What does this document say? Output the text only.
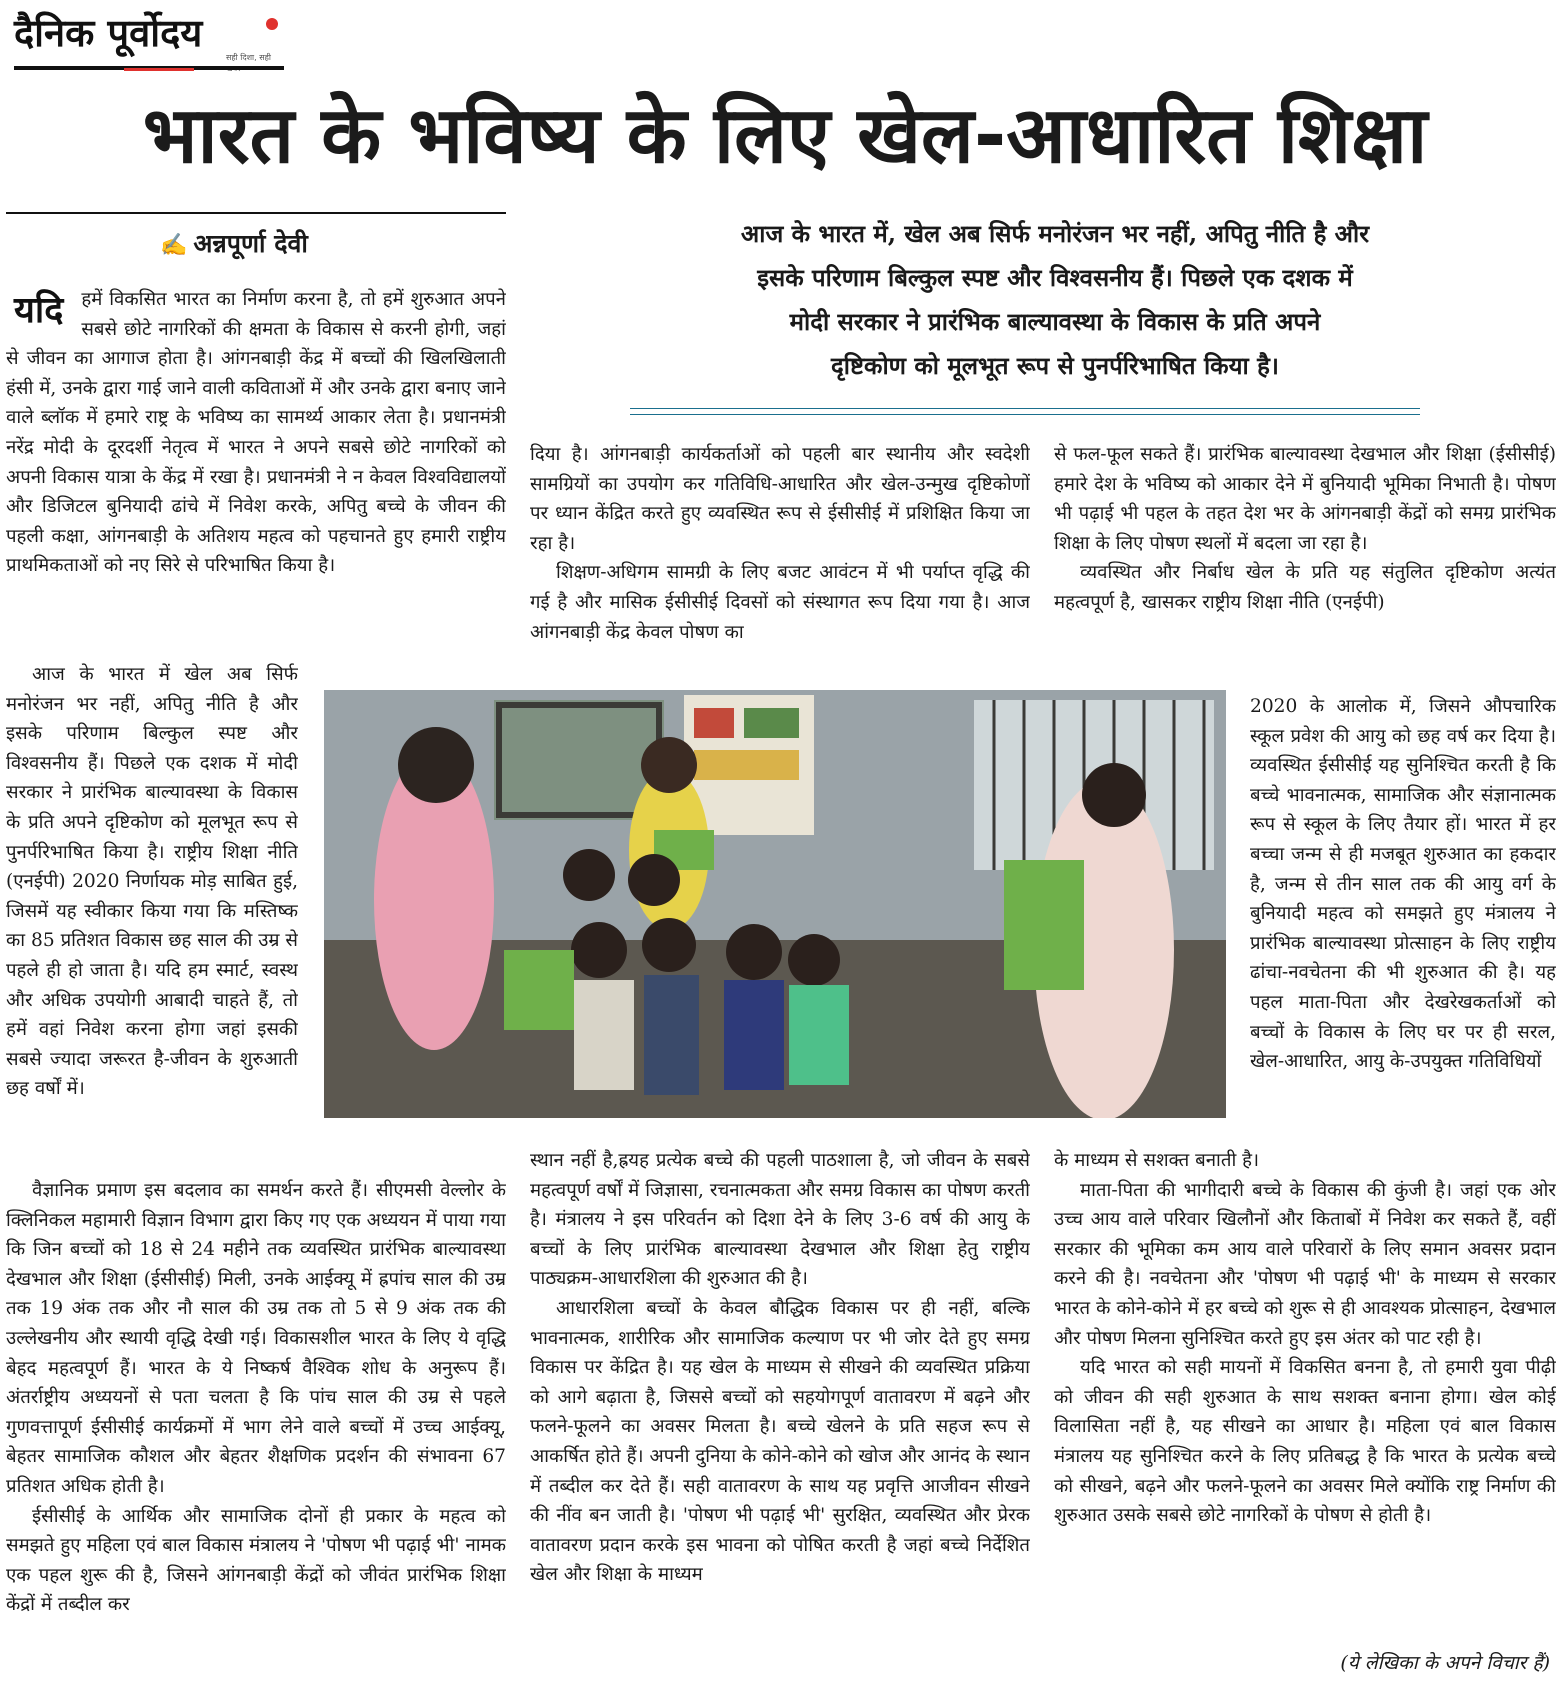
दैनिक पूर्वोदय
सही दिशा, सही
भारत के भविष्य के लिए खेल-आधारित शिक्षा
✍ अन्नपूर्णा देवी	आज के भारत में, खेल अब सिर्फ मनोरंजन भर नहीं, अपितु नीति है और
इसके परिणाम बिल्कुल स्पष्ट और विश्वसनीय हैं। पिछले एक दशक में
मोदी सरकार ने प्रारंभिक बाल्यावस्था के विकास के प्रति अपने
दृष्टिकोण को मूलभूत रूप से पुनर्परिभाषित किया है।
यदि हमें विकसित भारत का निर्माण करना है, तो हमें शुरुआत अपने सबसे छोटे नागरिकों की क्षमता के विकास से करनी होगी, जहां से जीवन का आगाज होता है। आंगनबाड़ी केंद्र में बच्चों की खिलखिलाती हंसी में, उनके द्वारा गाई जाने वाली कविताओं में और उनके द्वारा बनाए जाने वाले ब्लॉक में हमारे राष्ट्र के भविष्य का सामर्थ्य आकार लेता है। प्रधानमंत्री नरेंद्र मोदी के दूरदर्शी नेतृत्व में भारत ने अपने सबसे छोटे नागरिकों को अपनी विकास यात्रा के केंद्र में रखा है। प्रधानमंत्री ने न केवल विश्वविद्यालयों और डिजिटल बुनियादी ढांचे में निवेश करके, अपितु बच्चे के जीवन की पहली कक्षा, आंगनबाड़ी के अतिशय महत्व को पहचानते हुए हमारी राष्ट्रीय प्राथमिकताओं को नए सिरे से परिभाषित किया है।

आज के भारत में खेल अब सिर्फ मनोरंजन भर नहीं, अपितु नीति है और इसके परिणाम बिल्कुल स्पष्ट और विश्वसनीय हैं। पिछले एक दशक में मोदी सरकार ने प्रारंभिक बाल्यावस्था के विकास के प्रति अपने दृष्टिकोण को मूलभूत रूप से पुनर्परिभाषित किया है। राष्ट्रीय शिक्षा नीति (एनईपी) 2020 निर्णायक मोड़ साबित हुई, जिसमें यह स्वीकार किया गया कि मस्तिष्क का 85 प्रतिशत विकास छह साल की उम्र से पहले ही हो जाता है। यदि हम स्मार्ट, स्वस्थ और अधिक उपयोगी आबादी चाहते हैं, तो हमें वहां निवेश करना होगा जहां इसकी सबसे ज्यादा जरूरत है-जीवन के शुरुआती छह वर्षों में।

वैज्ञानिक प्रमाण इस बदलाव का समर्थन करते हैं। सीएमसी वेल्लोर के क्लिनिकल महामारी विज्ञान विभाग द्वारा किए गए एक अध्ययन में पाया गया कि जिन बच्चों को 18 से 24 महीने तक व्यवस्थित प्रारंभिक बाल्यावस्था देखभाल और शिक्षा (ईसीसीई) मिली, उनके आईक्यू में ह्रपांच साल की उम्र तक 19 अंक तक और नौ साल की उम्र तक तो 5 से 9 अंक तक की उल्लेखनीय और स्थायी वृद्धि देखी गई। विकासशील भारत के लिए ये वृद्धि बेहद महत्वपूर्ण हैं। भारत के ये निष्कर्ष वैश्विक शोध के अनुरूप हैं। अंतर्राष्ट्रीय अध्ययनों से पता चलता है कि पांच साल की उम्र से पहले गुणवत्तापूर्ण ईसीसीई कार्यक्रमों में भाग लेने वाले बच्चों में उच्च आईक्यू, बेहतर सामाजिक कौशल और बेहतर शैक्षणिक प्रदर्शन की संभावना 67 प्रतिशत अधिक होती है।

ईसीसीई के आर्थिक और सामाजिक दोनों ही प्रकार के महत्व को समझते हुए महिला एवं बाल विकास मंत्रालय ने 'पोषण भी पढ़ाई भी' नामक एक पहल शुरू की है, जिसने आंगनबाड़ी केंद्रों को जीवंत प्रारंभिक शिक्षा केंद्रों में तब्दील कर

दिया है। आंगनबाड़ी कार्यकर्ताओं को पहली बार स्थानीय और स्वदेशी सामग्रियों का उपयोग कर गतिविधि-आधारित और खेल-उन्मुख दृष्टिकोणों पर ध्यान केंद्रित करते हुए व्यवस्थित रूप से ईसीसीई में प्रशिक्षित किया जा रहा है।

शिक्षण-अधिगम सामग्री के लिए बजट आवंटन में भी पर्याप्त वृद्धि की गई है और मासिक ईसीसीई दिवसों को संस्थागत रूप दिया गया है। आज आंगनबाड़ी केंद्र केवल पोषण का

स्थान नहीं है,ह्रयह प्रत्येक बच्चे की पहली पाठशाला है, जो जीवन के सबसे महत्वपूर्ण वर्षों में जिज्ञासा, रचनात्मकता और समग्र विकास का पोषण करती है। मंत्रालय ने इस परिवर्तन को दिशा देने के लिए 3-6 वर्ष की आयु के बच्चों के लिए प्रारंभिक बाल्यावस्था देखभाल और शिक्षा हेतु राष्ट्रीय पाठ्यक्रम-आधारशिला की शुरुआत की है।

आधारशिला बच्चों के केवल बौद्धिक विकास पर ही नहीं, बल्कि भावनात्मक, शारीरिक और सामाजिक कल्याण पर भी जोर देते हुए समग्र विकास पर केंद्रित है। यह खेल के माध्यम से सीखने की व्यवस्थित प्रक्रिया को आगे बढ़ाता है, जिससे बच्चों को सहयोगपूर्ण वातावरण में बढ़ने और फलने-फूलने का अवसर मिलता है। बच्चे खेलने के प्रति सहज रूप से आकर्षित होते हैं। अपनी दुनिया के कोने-कोने को खोज और आनंद के स्थान में तब्दील कर देते हैं। सही वातावरण के साथ यह प्रवृत्ति आजीवन सीखने की नींव बन जाती है। 'पोषण भी पढ़ाई भी' सुरक्षित, व्यवस्थित और प्रेरक वातावरण प्रदान करके इस भावना को पोषित करती है जहां बच्चे निर्देशित खेल और शिक्षा के माध्यम

से फल-फूल सकते हैं। प्रारंभिक बाल्यावस्था देखभाल और शिक्षा (ईसीसीई) हमारे देश के भविष्य को आकार देने में बुनियादी भूमिका निभाती है। पोषण भी पढ़ाई भी पहल के तहत देश भर के आंगनबाड़ी केंद्रों को समग्र प्रारंभिक शिक्षा के लिए पोषण स्थलों में बदला जा रहा है।

व्यवस्थित और निर्बाध खेल के प्रति यह संतुलित दृष्टिकोण अत्यंत महत्वपूर्ण है, खासकर राष्ट्रीय शिक्षा नीति (एनईपी)

2020 के आलोक में, जिसने औपचारिक स्कूल प्रवेश की आयु को छह वर्ष कर दिया है। व्यवस्थित ईसीसीई यह सुनिश्चित करती है कि बच्चे भावनात्मक, सामाजिक और संज्ञानात्मक रूप से स्कूल के लिए तैयार हों। भारत में हर बच्चा जन्म से ही मजबूत शुरुआत का हकदार है, जन्म से तीन साल तक की आयु वर्ग के बुनियादी महत्व को समझते हुए मंत्रालय ने प्रारंभिक बाल्यावस्था प्रोत्साहन के लिए राष्ट्रीय ढांचा-नवचेतना की भी शुरुआत की है। यह पहल माता-पिता और देखरेखकर्ताओं को बच्चों के विकास के लिए घर पर ही सरल, खेल-आधारित, आयु के-उपयुक्त गतिविधियों

के माध्यम से सशक्त बनाती है।

माता-पिता की भागीदारी बच्चे के विकास की कुंजी है। जहां एक ओर उच्च आय वाले परिवार खिलौनों और किताबों में निवेश कर सकते हैं, वहीं सरकार की भूमिका कम आय वाले परिवारों के लिए समान अवसर प्रदान करने की है। नवचेतना और 'पोषण भी पढ़ाई भी' के माध्यम से सरकार भारत के कोने-कोने में हर बच्चे को शुरू से ही आवश्यक प्रोत्साहन, देखभाल और पोषण मिलना सुनिश्चित करते हुए इस अंतर को पाट रही है।

यदि भारत को सही मायनों में विकसित बनना है, तो हमारी युवा पीढ़ी को जीवन की सही शुरुआत के साथ सशक्त बनाना होगा। खेल कोई विलासिता नहीं है, यह सीखने का आधार है। महिला एवं बाल विकास मंत्रालय यह सुनिश्चित करने के लिए प्रतिबद्ध है कि भारत के प्रत्येक बच्चे को सीखने, बढ़ने और फलने-फूलने का अवसर मिले क्योंकि राष्ट्र निर्माण की शुरुआत उसके सबसे छोटे नागरिकों के पोषण से होती है।

(ये लेखिका के अपने विचार हैं)
